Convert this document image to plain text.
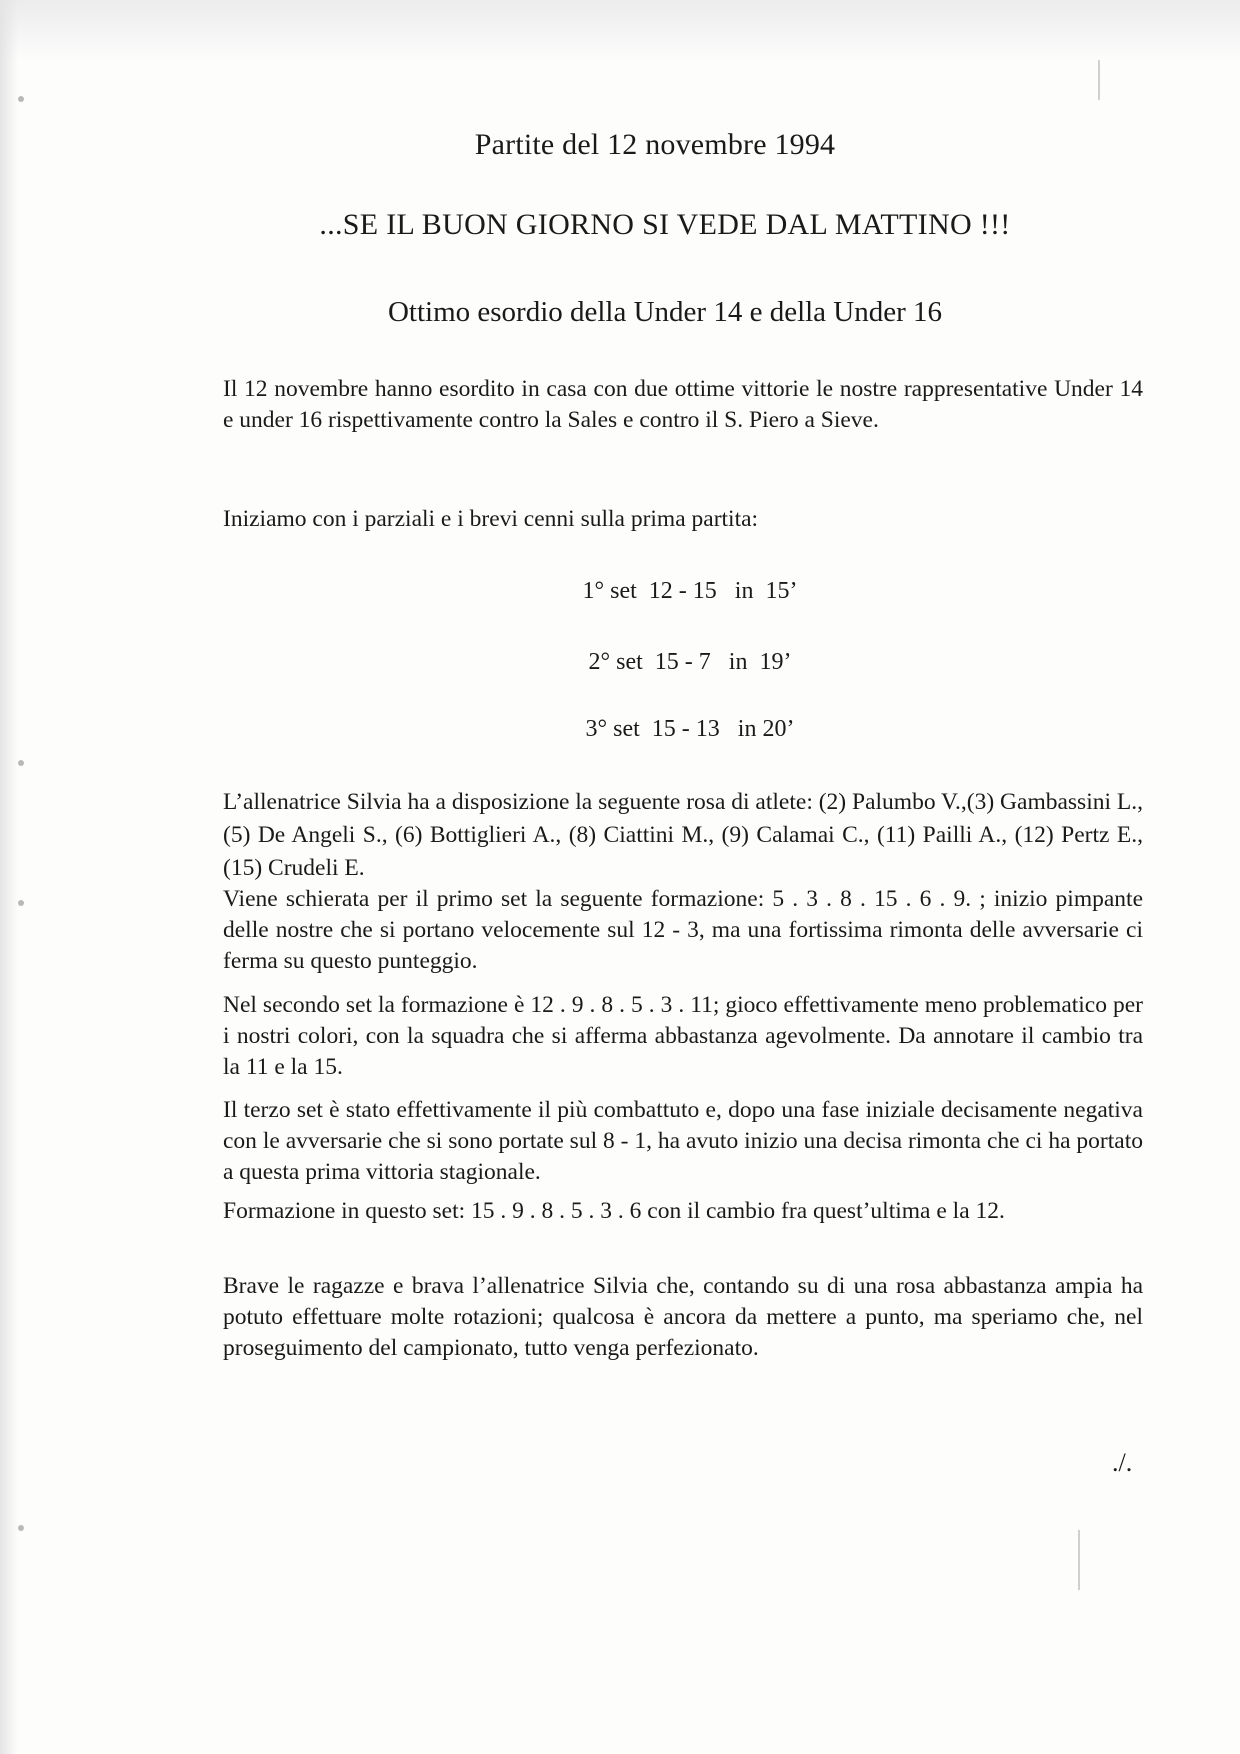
Partite del 12 novembre 1994
...SE IL BUON GIORNO SI VEDE DAL MATTINO !!!
Ottimo esordio della Under 14 e della Under 16

Il 12 novembre hanno esordito in casa con due ottime vittorie le nostre rappresentative Under 14 e under 16 rispettivamente contro la Sales e contro il S. Piero a Sieve.

Iniziamo con i parziali e i brevi cenni sulla prima partita:

1° set  12 - 15   in  15’
2° set  15 - 7   in  19’
3° set  15 - 13   in 20’

L’allenatrice Silvia ha a disposizione la seguente rosa di atlete: (2) Palumbo V.,(3) Gambassini L., (5) De Angeli S., (6) Bottiglieri A., (8) Ciattini M., (9) Calamai C., (11) Pailli A., (12) Pertz E., (15) Crudeli E.

Viene schierata per il primo set la seguente formazione: 5 . 3 . 8 . 15 . 6 . 9. ; inizio pimpante delle nostre che si portano velocemente sul 12 - 3, ma una fortissima rimonta delle avversarie ci ferma su questo punteggio.

Nel secondo set la formazione è 12 . 9 . 8 . 5 . 3 . 11; gioco effettivamente meno problematico per i nostri colori, con la squadra che si afferma abbastanza agevolmente. Da annotare il cambio tra la 11 e la 15.

Il terzo set è stato effettivamente il più combattuto e, dopo una fase iniziale decisamente negativa con le avversarie che si sono portate sul 8 - 1, ha avuto inizio una decisa rimonta che ci ha portato a questa prima vittoria stagionale.

Formazione in questo set: 15 . 9 . 8 . 5 . 3 . 6 con il cambio fra quest’ultima e la 12.

Brave le ragazze e brava l’allenatrice Silvia che, contando su di una rosa abbastanza ampia ha potuto effettuare molte rotazioni; qualcosa è ancora da mettere a punto, ma speriamo che, nel proseguimento del campionato, tutto venga perfezionato.

./.
